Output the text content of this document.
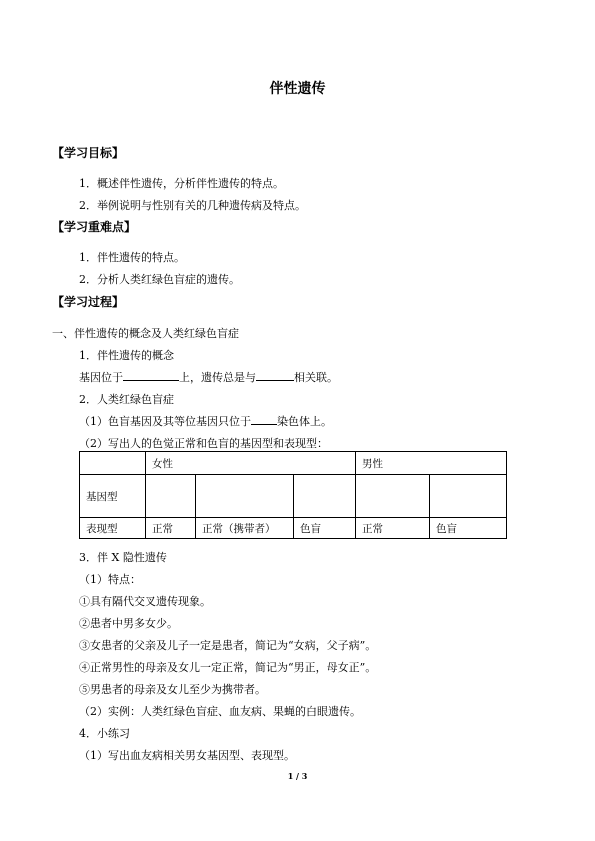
伴性遗传
【学习目标】
1．概述伴性遗传，分析伴性遗传的特点。
2．举例说明与性别有关的几种遗传病及特点。
【学习重难点】
1．伴性遗传的特点。
2．分析人类红绿色盲症的遗传。
【学习过程】
一、伴性遗传的概念及人类红绿色盲症
1．伴性遗传的概念
基因位于	上，遗传总是与	相关联。
2．人类红绿色盲症
（1）色盲基因及其等位基因只位于 染色体上。
（2）写出人的色觉正常和色盲的基因型和表现型：
	女性			男性	
基因型					
表现型	正常	正常（携带者）	色盲	正常	色盲
3．伴 X 隐性遗传
（1）特点：
①具有隔代交叉遗传现象。
②患者中男多女少。
③女患者的父亲及儿子一定是患者，简记为“女病，父子病”。
④正常男性的母亲及女儿一定正常，简记为“男正，母女正”。
⑤男患者的母亲及女儿至少为携带者。
（2）实例：人类红绿色盲症、血友病、果蝇的白眼遗传。
4．小练习
（1）写出血友病相关男女基因型、表现型。
1 / 3
